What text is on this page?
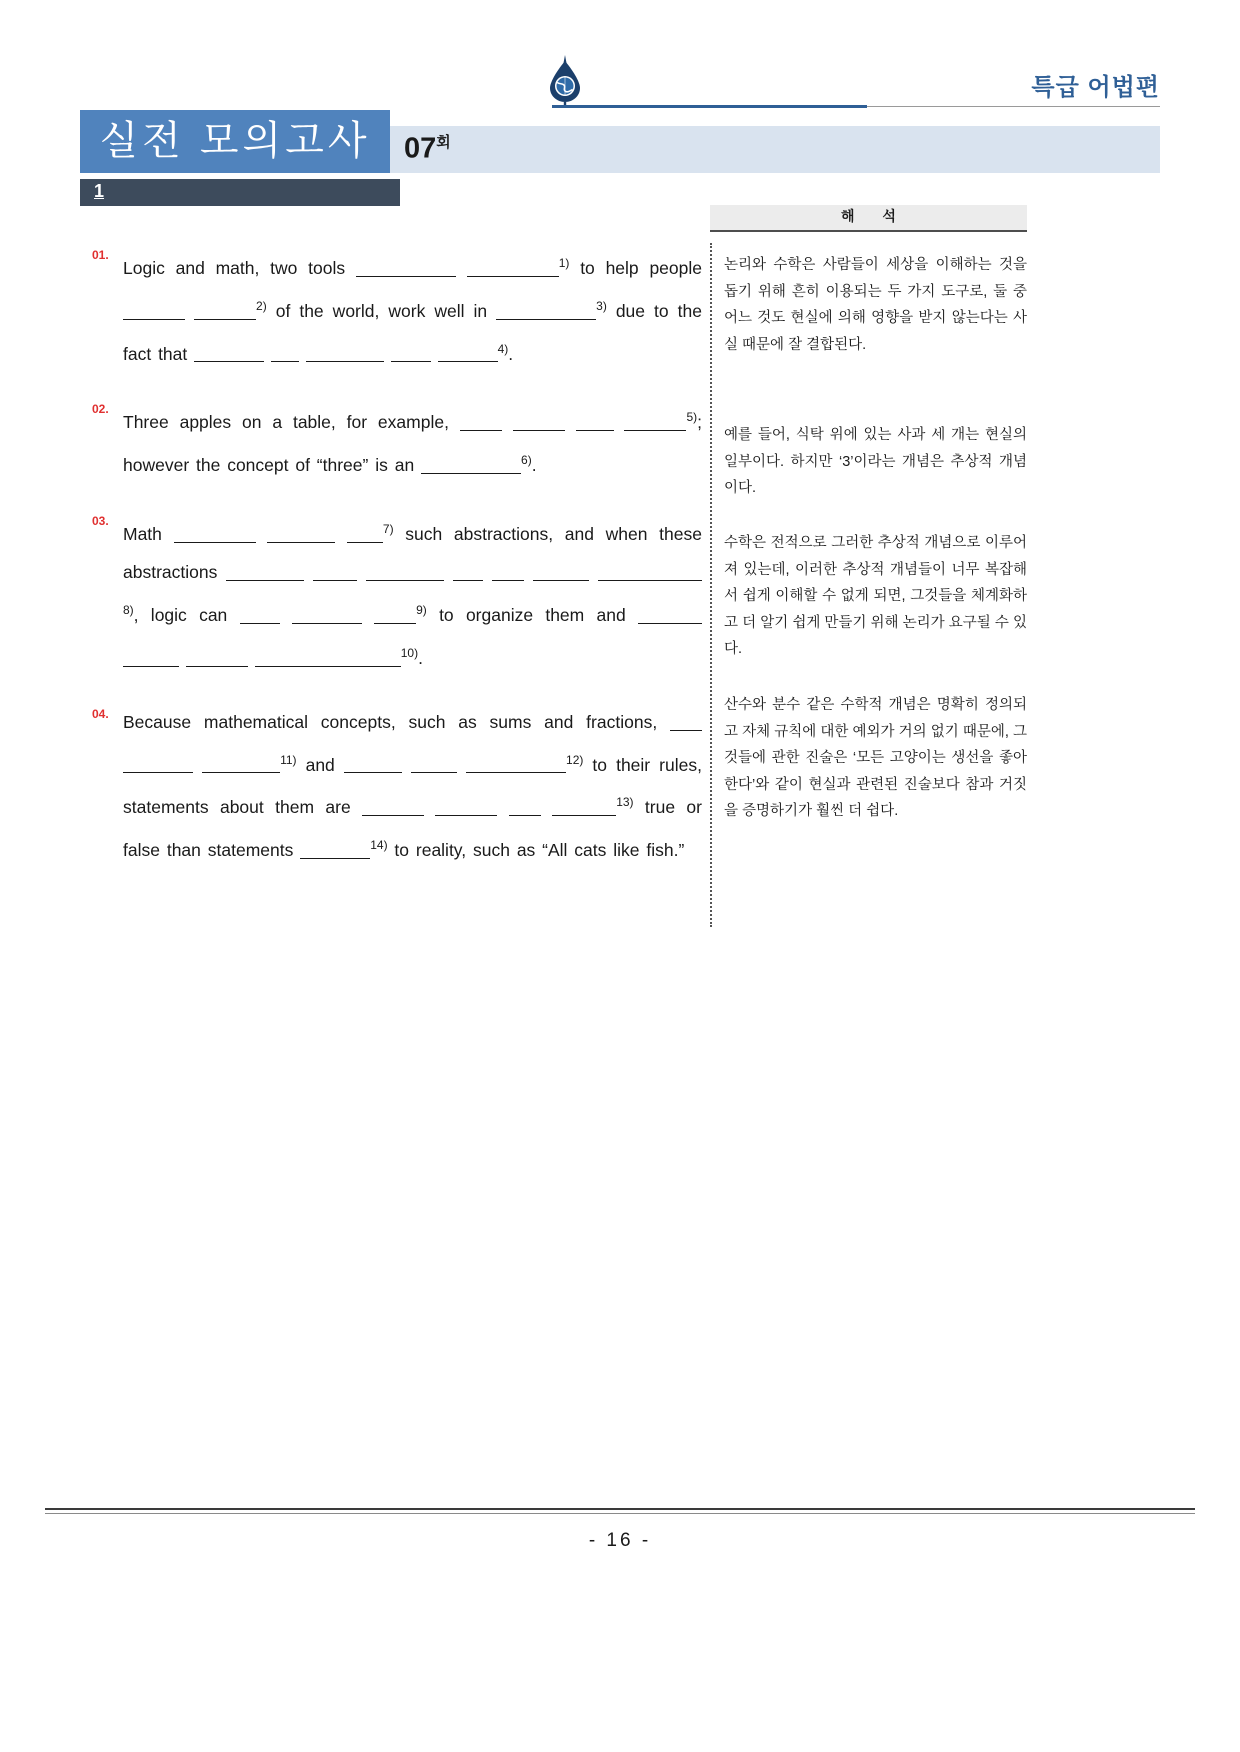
특급 어법편
실전 모의고사	$07^회$
1
해 석
01.
Logic and math, two tools	$^{1)}$ to help people  $^{2)}$ of the world, work well in	$^{3)}$ due to the fact that	$^{4)}$.
02.
Three apples on a table, for example,	$^{5)}$; however the concept of “three” is an	$^{6)}$.
03.
Math	$^{7)}$ such abstractions, and when these abstractions       $^{8)}$, logic can	$^{9)}$ to organize them and    $^{10)}$.
04. Because mathematical concepts, such as sums and fractions,   $^{11)}$ and	$^{12)}$ to their rules, statements about them are	$^{13)}$ true or false than statements	$^{14)}$ to reality, such as “All cats like fish.”
논리와 수학은 사람들이 세상을 이해하는 것을 돕기 위해 흔히 이용되는 두 가지 도구로, 둘 중 어느 것도 현실에 의해 영향을 받지 않는다는 사실 때문에 잘 결합된다.
예를 들어, 식탁 위에 있는 사과 세 개는 현실의 일부이다. 하지만 ‘3’이라는 개념은 추상적 개념이다.
수학은 전적으로 그러한 추상적 개념으로 이루어져 있는데, 이러한 추상적 개념들이 너무 복잡해서 쉽게 이해할 수 없게 되면, 그것들을 체계화하고 더 알기 쉽게 만들기 위해 논리가 요구될 수 있다.
산수와 분수 같은 수학적 개념은 명확히 정의되고 자체 규칙에 대한 예외가 거의 없기 때문에, 그것들에 관한 진술은 ‘모든 고양이는 생선을 좋아한다’와 같이 현실과 관련된 진술보다 참과 거짓을 증명하기가 훨씬 더 쉽다.
- 16 -
